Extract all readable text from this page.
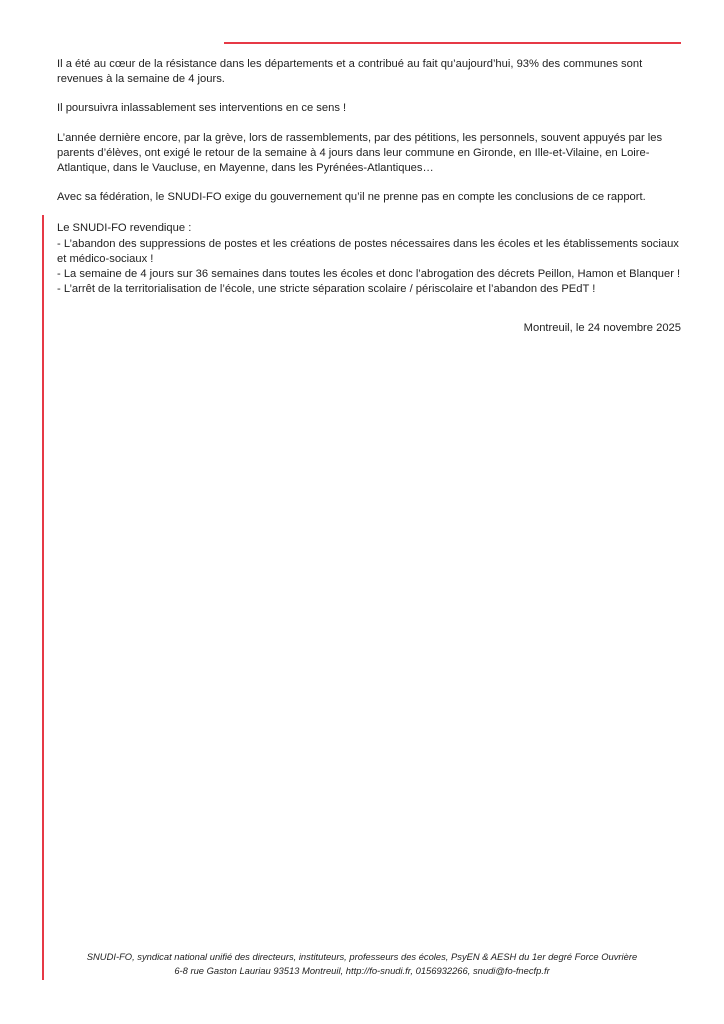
Il a été au cœur de la résistance dans les départements et a contribué au fait qu’aujourd’hui, 93% des communes sont revenues à la semaine de 4 jours.

Il poursuivra inlassablement ses interventions en ce sens !

L’année dernière encore, par la grève, lors de rassemblements, par des pétitions, les personnels, souvent appuyés par les parents d’élèves, ont exigé le retour de la semaine à 4 jours dans leur commune en Gironde, en Ille-et-Vilaine, en Loire-Atlantique, dans le Vaucluse, en Mayenne, dans les Pyrénées-Atlantiques…

Avec sa fédération, le SNUDI-FO exige du gouvernement qu’il ne prenne pas en compte les conclusions de ce rapport.

Le SNUDI-FO revendique :
- L’abandon des suppressions de postes et les créations de postes nécessaires dans les écoles et les établissements sociaux et médico-sociaux !
- La semaine de 4 jours sur 36 semaines dans toutes les écoles et donc l’abrogation des décrets Peillon, Hamon et Blanquer !
- L’arrêt de la territorialisation de l’école, une stricte séparation scolaire / périscolaire et l’abandon des PEdT !

Montreuil, le 24 novembre 2025

SNUDI-FO, syndicat national unifié des directeurs, instituteurs, professeurs des écoles, PsyEN & AESH du 1er degré Force Ouvrière
6-8 rue Gaston Lauriau 93513 Montreuil, http://fo-snudi.fr, 0156932266, snudi@fo-fnecfp.fr
